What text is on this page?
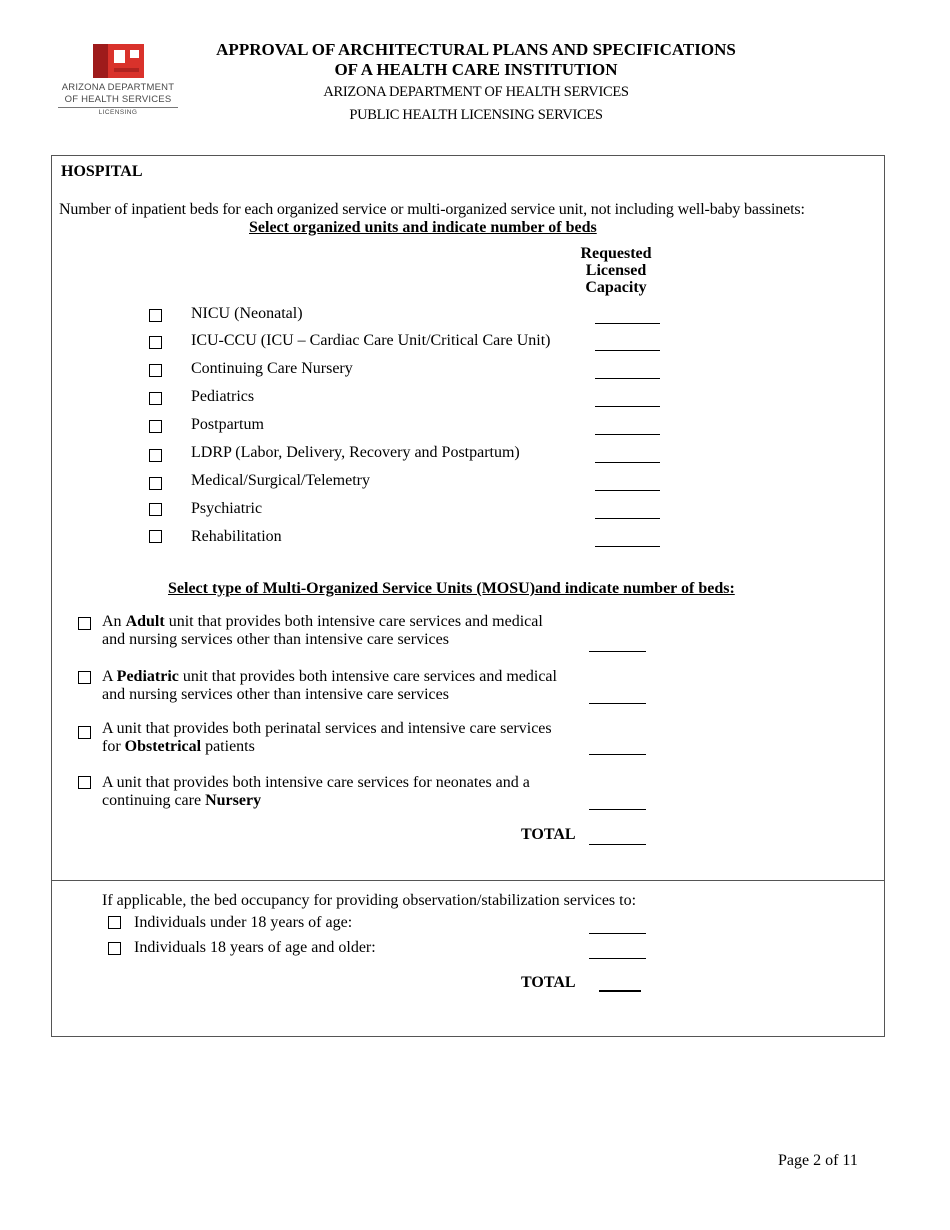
ARIZONA DEPARTMENT
OF HEALTH SERVICES
LICENSING
APPROVAL OF ARCHITECTURAL PLANS AND SPECIFICATIONS
OF A HEALTH CARE INSTITUTION
ARIZONA DEPARTMENT OF HEALTH SERVICES
PUBLIC HEALTH LICENSING SERVICES
HOSPITAL
Number of inpatient beds for each organized service or multi-organized service unit, not including well-baby bassinets:
Select organized units and indicate number of beds
Requested
Licensed
Capacity
NICU (Neonatal)
ICU-CCU (ICU – Cardiac Care Unit/Critical Care Unit)
Continuing Care Nursery
Pediatrics
Postpartum
LDRP (Labor, Delivery, Recovery and Postpartum)
Medical/Surgical/Telemetry
Psychiatric
Rehabilitation
Select type of Multi-Organized Service Units (MOSU)and indicate number of beds:
An Adult unit that provides both intensive care services and medical
and nursing services other than intensive care services
A Pediatric unit that provides both intensive care services and medical
and nursing services other than intensive care services
A unit that provides both perinatal services and intensive care services
for Obstetrical patients
A unit that provides both intensive care services for neonates and a
continuing care Nursery
TOTAL
If applicable, the bed occupancy for providing observation/stabilization services to:
Individuals under 18 years of age:
Individuals 18 years of age and older:
TOTAL
Page 2 of 11
